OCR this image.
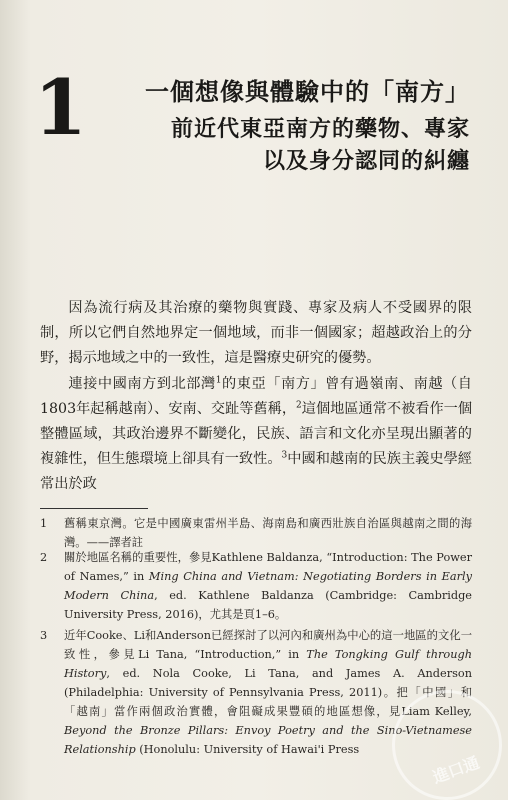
1 一個想像與體驗中的「南方」
前近代東亞南方的藥物、專家
以及身分認同的糾纏

因為流行病及其治療的藥物與實踐、專家及病人不受國界的限制，所以它們自然地界定一個地域，而非一個國家；超越政治上的分野，揭示地域之中的一致性，這是醫療史研究的優勢。

連接中國南方到北部灣$^1$的東亞「南方」曾有過嶺南、南越（自1803年起稱越南）、安南、交趾等舊稱，$^2$這個地區通常不被看作一個整體區域，其政治邊界不斷變化，民族、語言和文化亦呈現出顯著的複雜性，但生態環境上卻具有一致性。$^3$中國和越南的民族主義史學經常出於政

1	舊稱東京灣。它是中國廣東雷州半島、海南島和廣西壯族自治區與越南之間的海灣。——譯者註
2	關於地區名稱的重要性，參見Kathlene Baldanza, “Introduction: The Power of Names,” in Ming China and Vietnam: Negotiating Borders in Early Modern China, ed. Kathlene Baldanza (Cambridge: Cambridge University Press, 2016)，尤其是頁1–6。
3	近年Cooke、Li和Anderson已經探討了以河內和廣州為中心的這一地區的文化一致性，參見Li Tana, “Introduction,” in The Tongking Gulf through History, ed. Nola Cooke, Li Tana, and James A. Anderson (Philadelphia: University of Pennsylvania Press, 2011)。把「中國」和「越南」當作兩個政治實體，會阻礙成果豐碩的地區想像，見Liam Kelley, Beyond the Bronze Pillars: Envoy Poetry and the Sino-Vietnamese Relationship (Honolulu: University of Hawai'i Press
進口通
